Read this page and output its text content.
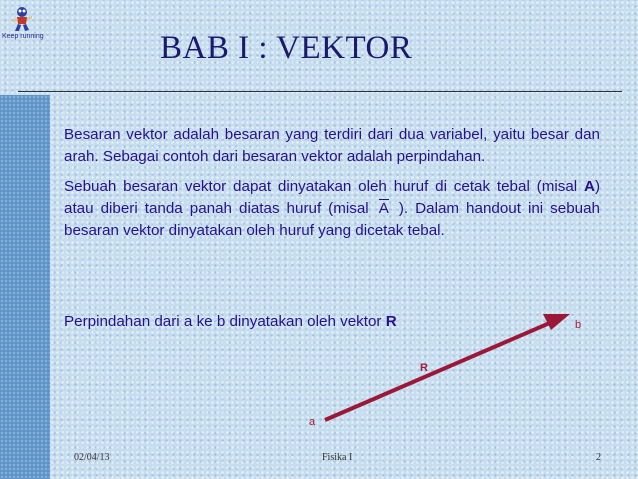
Keep running	BAB I : VEKTOR

Besaran vektor adalah besaran yang terdiri dari dua variabel, yaitu besar dan arah. Sebagai contoh dari besaran vektor adalah perpindahan.

Sebuah besaran vektor dapat dinyatakan oleh huruf di cetak tebal (misal A) atau diberi tanda panah diatas huruf (misal A ). Dalam handout ini sebuah besaran vektor dinyatakan oleh huruf yang dicetak tebal.

Perpindahan dari a ke b dinyatakan oleh vektor R
a
b
R
02/04/13	Fisika I	2
